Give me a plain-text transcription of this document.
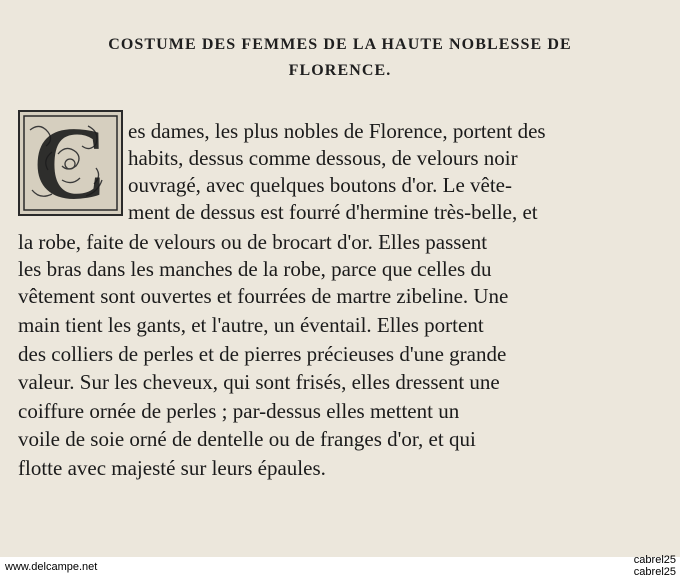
COSTUME DES FEMMES DE LA HAUTE NOBLESSE DE
FLORENCE.
C es dames, les plus nobles de Florence, portent des
habits, dessus comme dessous, de velours noir
ouvragé, avec quelques boutons d'or. Le vête-
ment de dessus est fourré d'hermine très-belle, et
la robe, faite de velours ou de brocart d'or. Elles passent
les bras dans les manches de la robe, parce que celles du
vêtement sont ouvertes et fourrées de martre zibeline. Une
main tient les gants, et l'autre, un éventail. Elles portent
des colliers de perles et de pierres précieuses d'une grande
valeur. Sur les cheveux, qui sont frisés, elles dressent une
coiffure ornée de perles ; par-dessus elles mettent un
voile de soie orné de dentelle ou de franges d'or, et qui
flotte avec majesté sur leurs épaules.
www.delcampe.net
cabrel25
cabrel25
